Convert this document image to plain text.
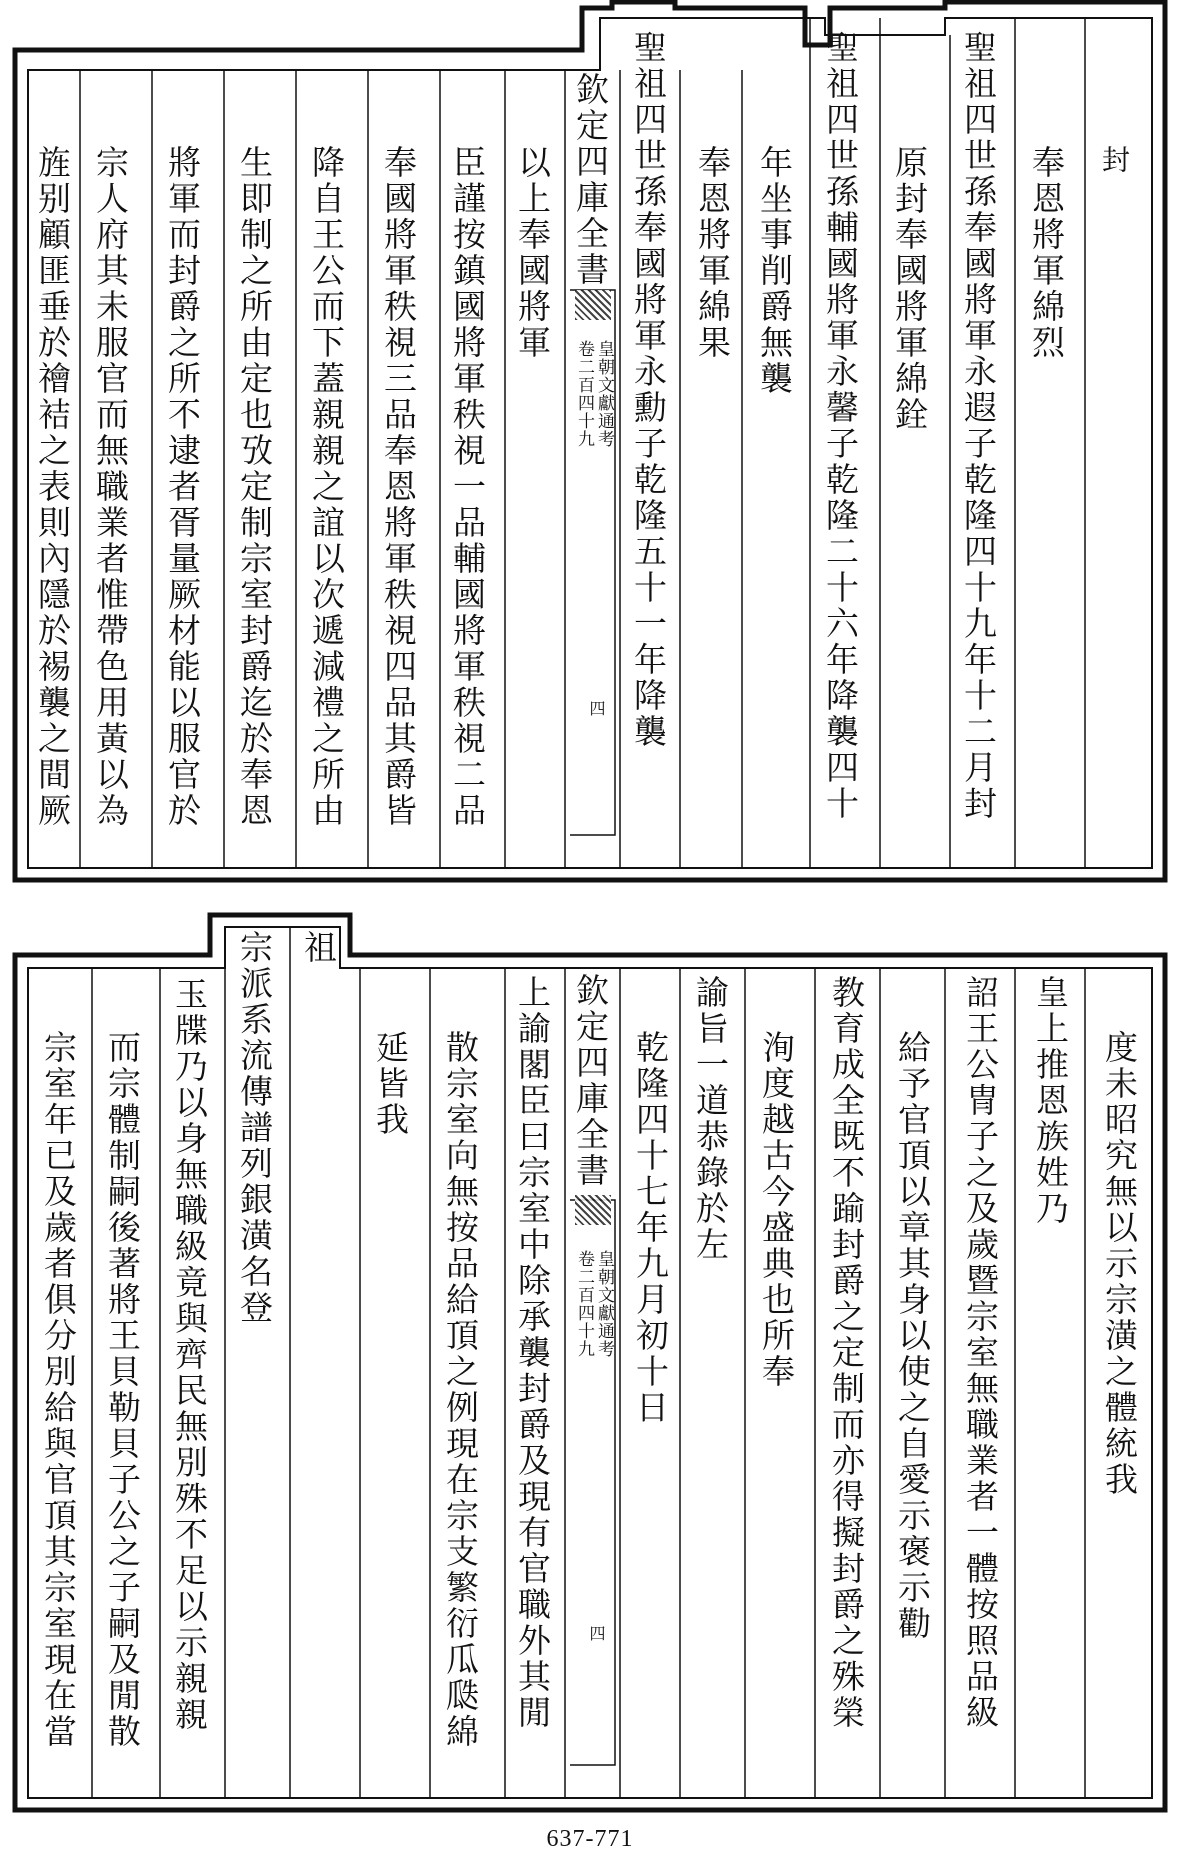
封
奉恩將軍綿烈
聖祖四世孫奉國將軍永遐子乾隆四十九年十二月封
原封奉國將軍綿銓
聖祖四世孫輔國將軍永馨子乾隆二十六年降襲四十
年坐事削爵無襲
奉恩將軍綿果
聖祖四世孫奉國將軍永勳子乾隆五十一年降襲
欽定四庫全書
皇朝文獻通考
卷二百四十九
四
以上奉國將軍
臣謹按鎮國將軍秩視一品輔國將軍秩視二品
奉國將軍秩視三品奉恩將軍秩視四品其爵皆
降自王公而下蓋親親之誼以次遞減禮之所由
生即制之所由定也攷定制宗室封爵迄於奉恩
將軍而封爵之所不逮者胥量厥材能以服官於
宗人府其未服官而無職業者惟帶色用黃以為
旌别顧匪垂於禬袺之表則內隱於裼襲之間厥
度未昭究無以示宗潢之體統我
皇上推恩族姓乃
詔王公冑子之及歲暨宗室無職業者一體按照品級
給予官頂以章其身以使之自愛示褒示勸
教育成全既不踰封爵之定制而亦得擬封爵之殊榮
洵度越古今盛典也所奉
諭旨一道恭錄於左
乾隆四十七年九月初十日
欽定四庫全書
皇朝文獻通考
卷二百四十九
四
上諭閣臣曰宗室中除承襲封爵及現有官職外其閒
散宗室向無按品給頂之例現在宗支繁衍瓜瓞綿
延皆我
祖
宗派系流傳譜列銀潢名登
玉牒乃以身無職級竟與齊民無別殊不足以示親親
而宗體制嗣後著將王貝勒貝子公之子嗣及閒散
宗室年已及歲者俱分別給與官頂其宗室現在當
637-771
